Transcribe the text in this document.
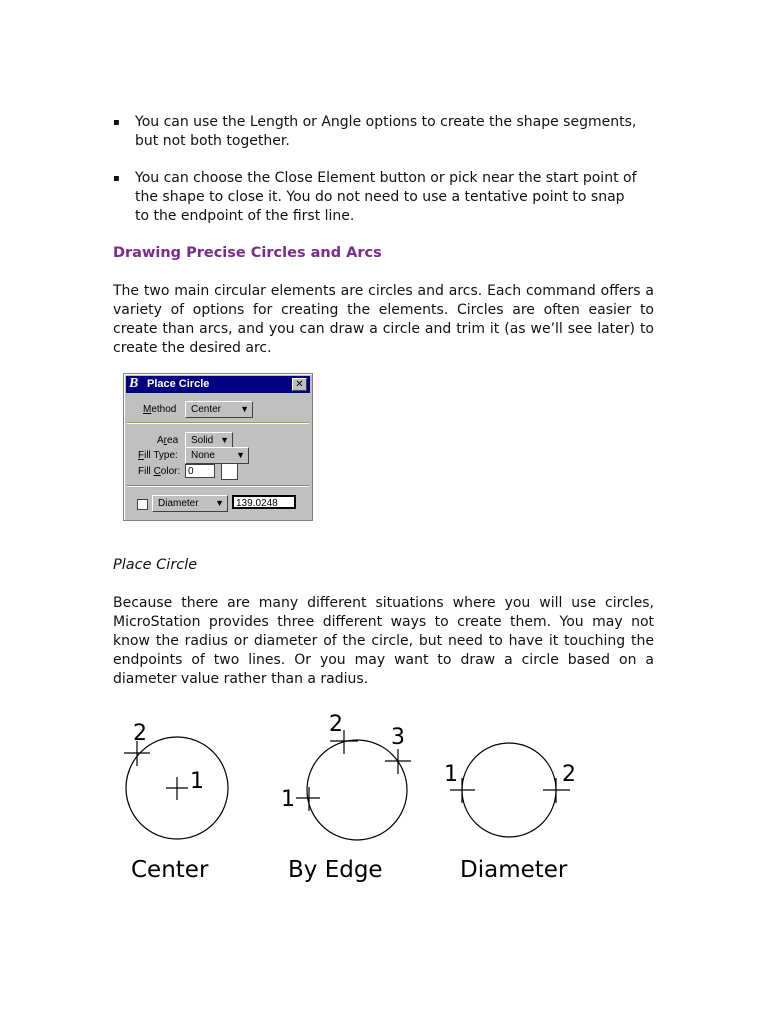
▪ You can use the Length or Angle options to create the shape segments, but not both together.
▪ You can choose the Close Element button or pick near the start point of the shape to close it. You do not need to use a tentative point to snap to the endpoint of the first line.
Drawing Precise Circles and Arcs
The two main circular elements are circles and arcs. Each command offers a variety of options for creating the elements. Circles are often easier to create than arcs, and you can draw a circle and trim it (as we’ll see later) to create the desired arc.
B Place Circle	✕
Method Center ▼
Area Solid ▼
Fill Type: None ▼
Fill Color: 0
Diameter ▼	139.0248
Place Circle
Because there are many different situations where you will use circles, MicroStation provides three different ways to create them. You may not know the radius or diameter of the circle, but need to have it touching the endpoints of two lines. Or you may want to draw a circle based on a diameter value rather than a radius.
1
2
1
2
3
1	2
Center	By Edge	Diameter
